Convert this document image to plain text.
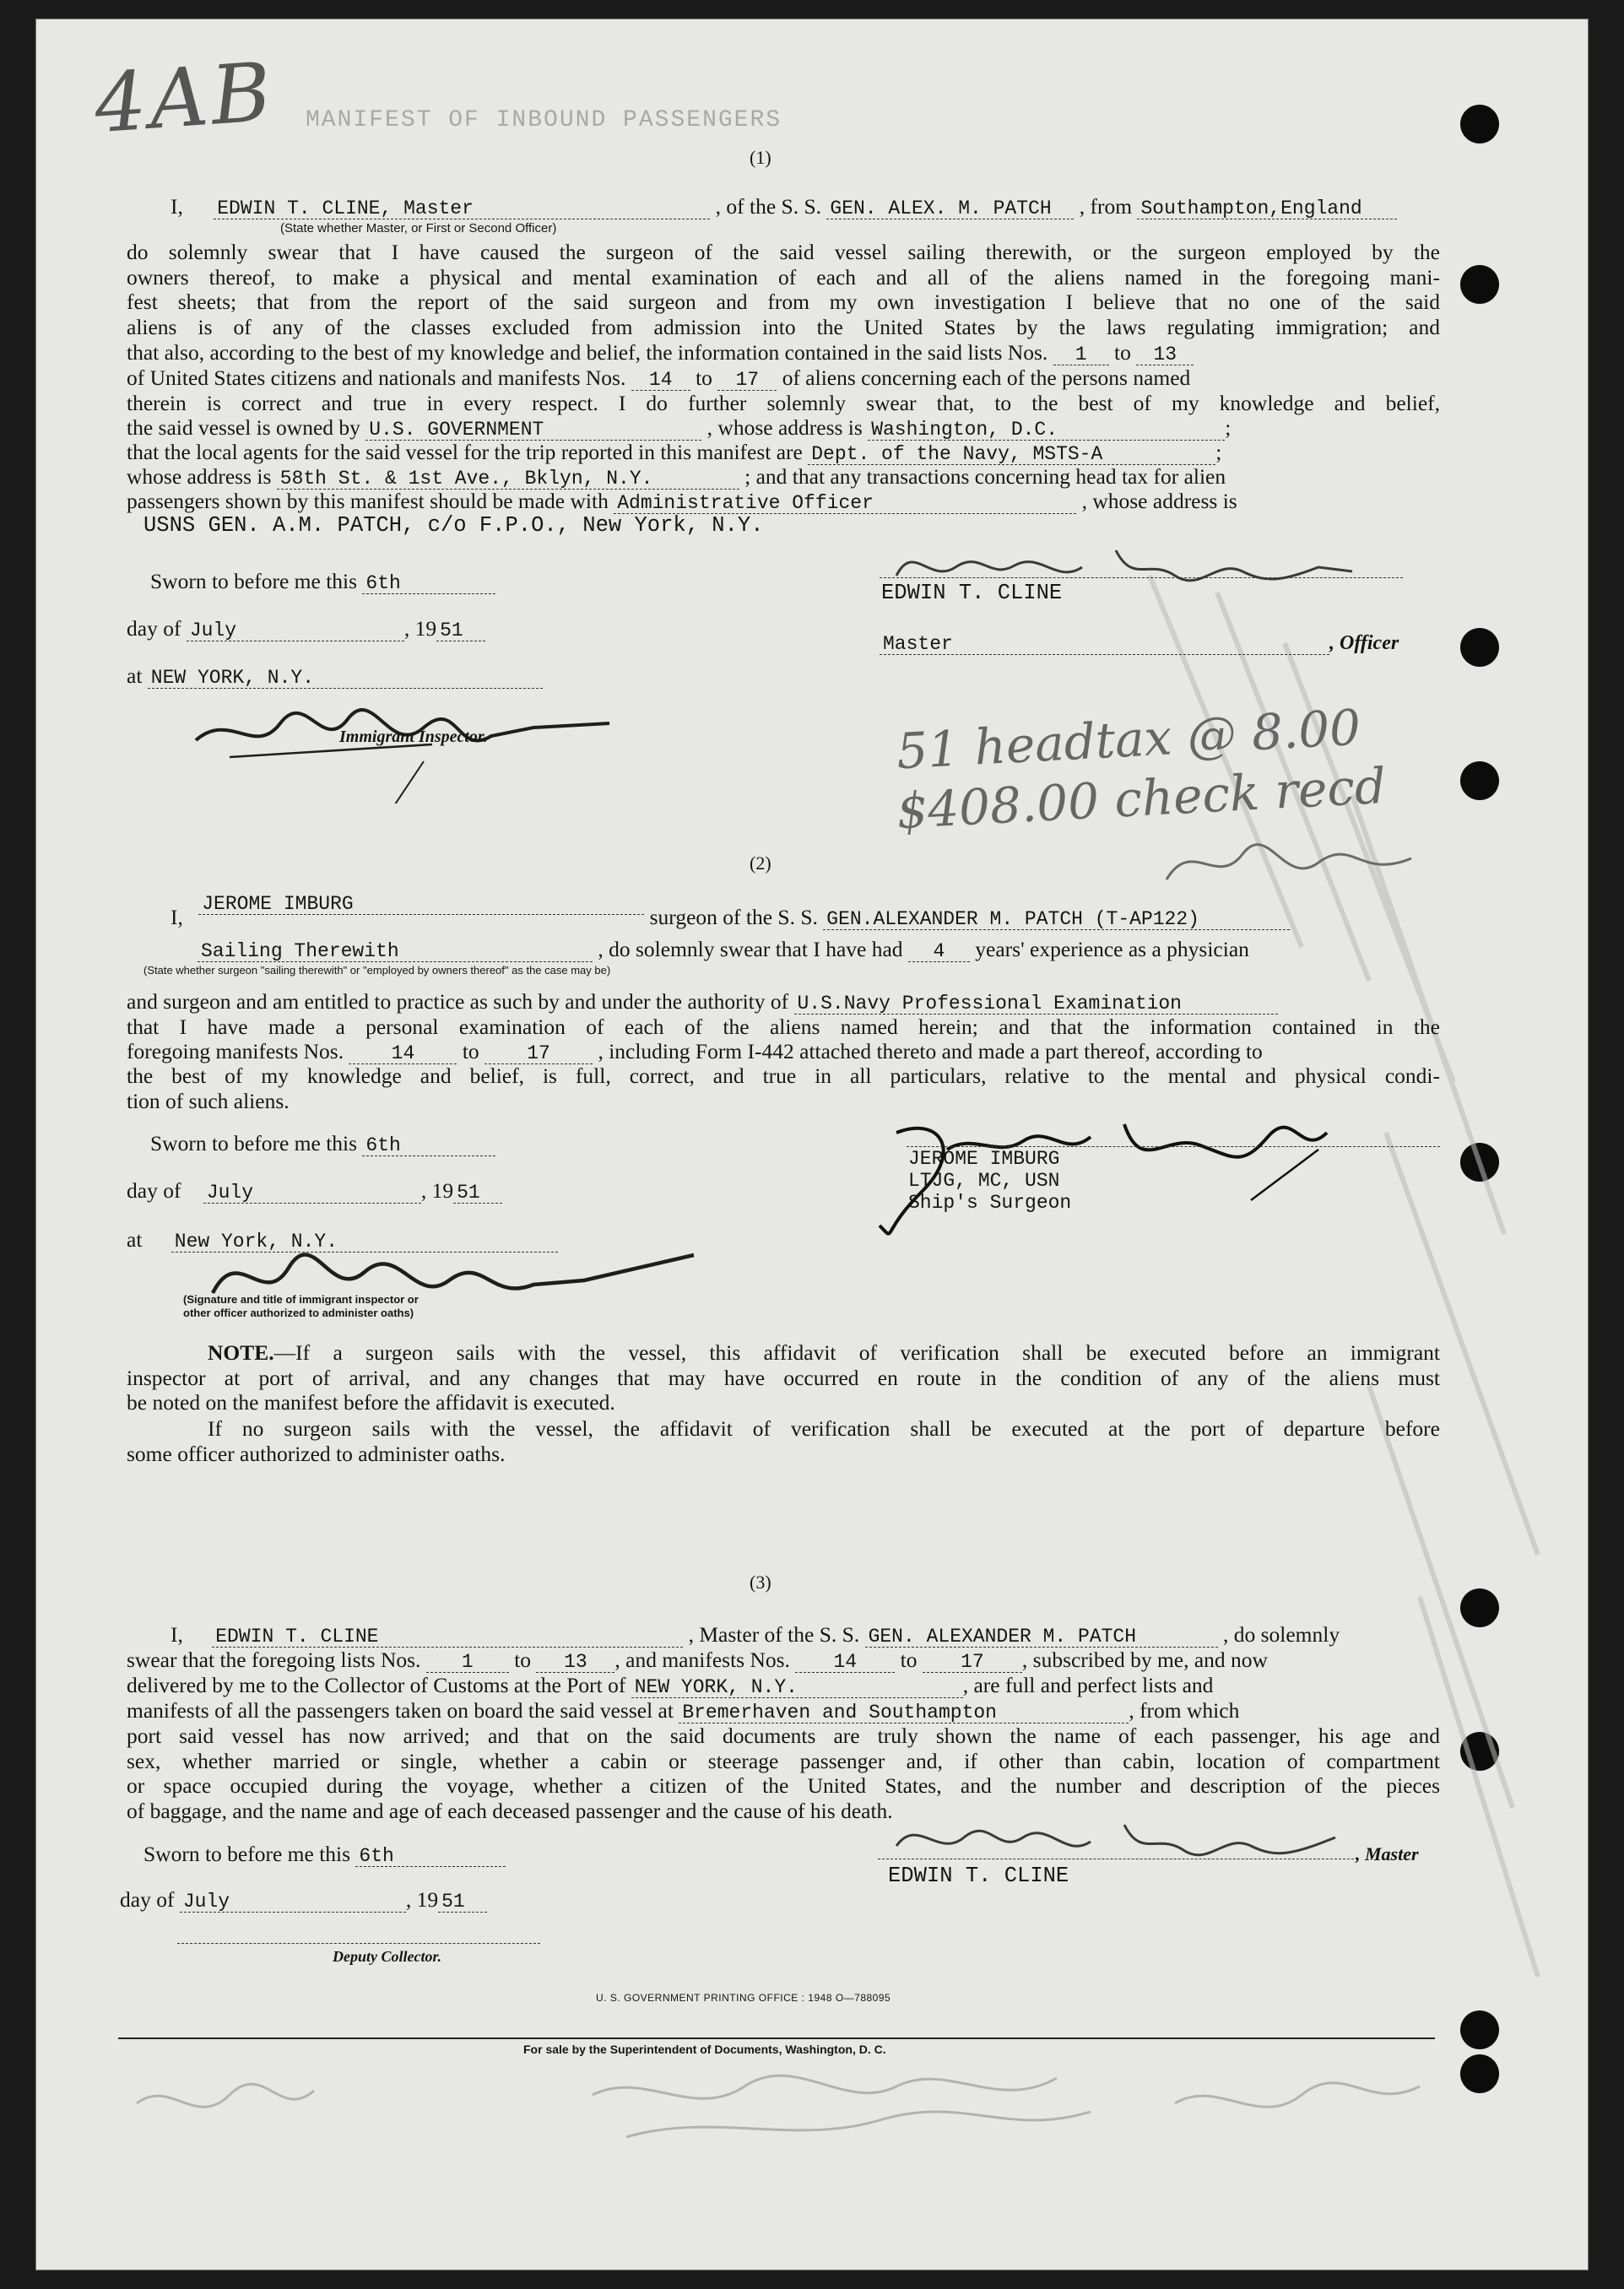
4AB MANIFEST OF INBOUND PASSENGERS
(1)
I, EDWIN T. CLINE, Master	, of the S. S. GEN. ALEX. M. PATCH , from Southampton,England
(State whether Master, or First or Second Officer)
do solemnly swear that I have caused the surgeon of the said vessel sailing therewith, or the surgeon employed by the
owners thereof, to make a physical and mental examination of each and all of the aliens named in the foregoing mani-
fest sheets; that from the report of the said surgeon and from my own investigation I believe that no one of the said
aliens is of any of the classes excluded from admission into the United States by the laws regulating immigration; and
that also, according to the best of my knowledge and belief, the information contained in the said lists Nos. 1 to 13
of United States citizens and nationals and manifests Nos. 14 to 17 of aliens concerning each of the persons named
therein is correct and true in every respect. I do further solemnly swear that, to the best of my knowledge and belief,
the said vessel is owned by U.S. GOVERNMENT	, whose address is Washington, D.C.	;
that the local agents for the said vessel for the trip reported in this manifest are Dept. of the Navy, MSTS-A	;
whose address is 58th St. & 1st Ave., Bklyn, N.Y.	; and that any transactions concerning head tax for alien
passengers shown by this manifest should be made with Administrative Officer	, whose address is
USNS GEN. A.M. PATCH, c/o F.P.O., New York, N.Y.
Sworn to before me this 6th
day of July	, 19 51
at NEW YORK, N.Y.
Immigrant Inspector.
EDWIN T. CLINE
Master	, Officer
51 headtax @ 8.00
$408.00 check recd
(2)
I, JEROME IMBURG surgeon of the S. S. GEN.ALEXANDER M. PATCH (T-AP122)
Sailing Therewith	, do solemnly swear that I have had 4 years' experience as a physician
(State whether surgeon "sailing therewith" or "employed by owners thereof" as the case may be)
and surgeon and am entitled to practice as such by and under the authority of U.S.Navy Professional Examination
that I have made a personal examination of each of the aliens named herein; and that the information contained in the
foregoing manifests Nos. 14 to 17 , including Form I-442 attached thereto and made a part thereof, according to
the best of my knowledge and belief, is full, correct, and true in all particulars, relative to the mental and physical condi-
tion of such aliens.
Sworn to before me this 6th
day of July	, 19 51
at New York, N.Y.
(Signature and title of immigrant inspector or
other officer authorized to administer oaths)
JEROME IMBURG
LTJG, MC, USN
Ship's Surgeon
NOTE.—If a surgeon sails with the vessel, this affidavit of verification shall be executed before an immigrant
inspector at port of arrival, and any changes that may have occurred en route in the condition of any of the aliens must
be noted on the manifest before the affidavit is executed.
If no surgeon sails with the vessel, the affidavit of verification shall be executed at the port of departure before
some officer authorized to administer oaths.
(3)
I, EDWIN T. CLINE	, Master of the S. S. GEN. ALEXANDER M. PATCH	, do solemnly
swear that the foregoing lists Nos. 1 to 13 , and manifests Nos. 14 to 17 , subscribed by me, and now
delivered by me to the Collector of Customs at the Port of NEW YORK, N.Y.	, are full and perfect lists and
manifests of all the passengers taken on board the said vessel at Bremerhaven and Southampton	, from which
port said vessel has now arrived; and that on the said documents are truly shown the name of each passenger, his age and
sex, whether married or single, whether a cabin or steerage passenger and, if other than cabin, location of compartment
or space occupied during the voyage, whether a citizen of the United States, and the number and description of the pieces
of baggage, and the name and age of each deceased passenger and the cause of his death.
Sworn to before me this 6th
day of July	, 19 51
Deputy Collector.
EDWIN T. CLINE
, Master
U. S. GOVERNMENT PRINTING OFFICE : 1948 O—788095
For sale by the Superintendent of Documents, Washington, D. C.
